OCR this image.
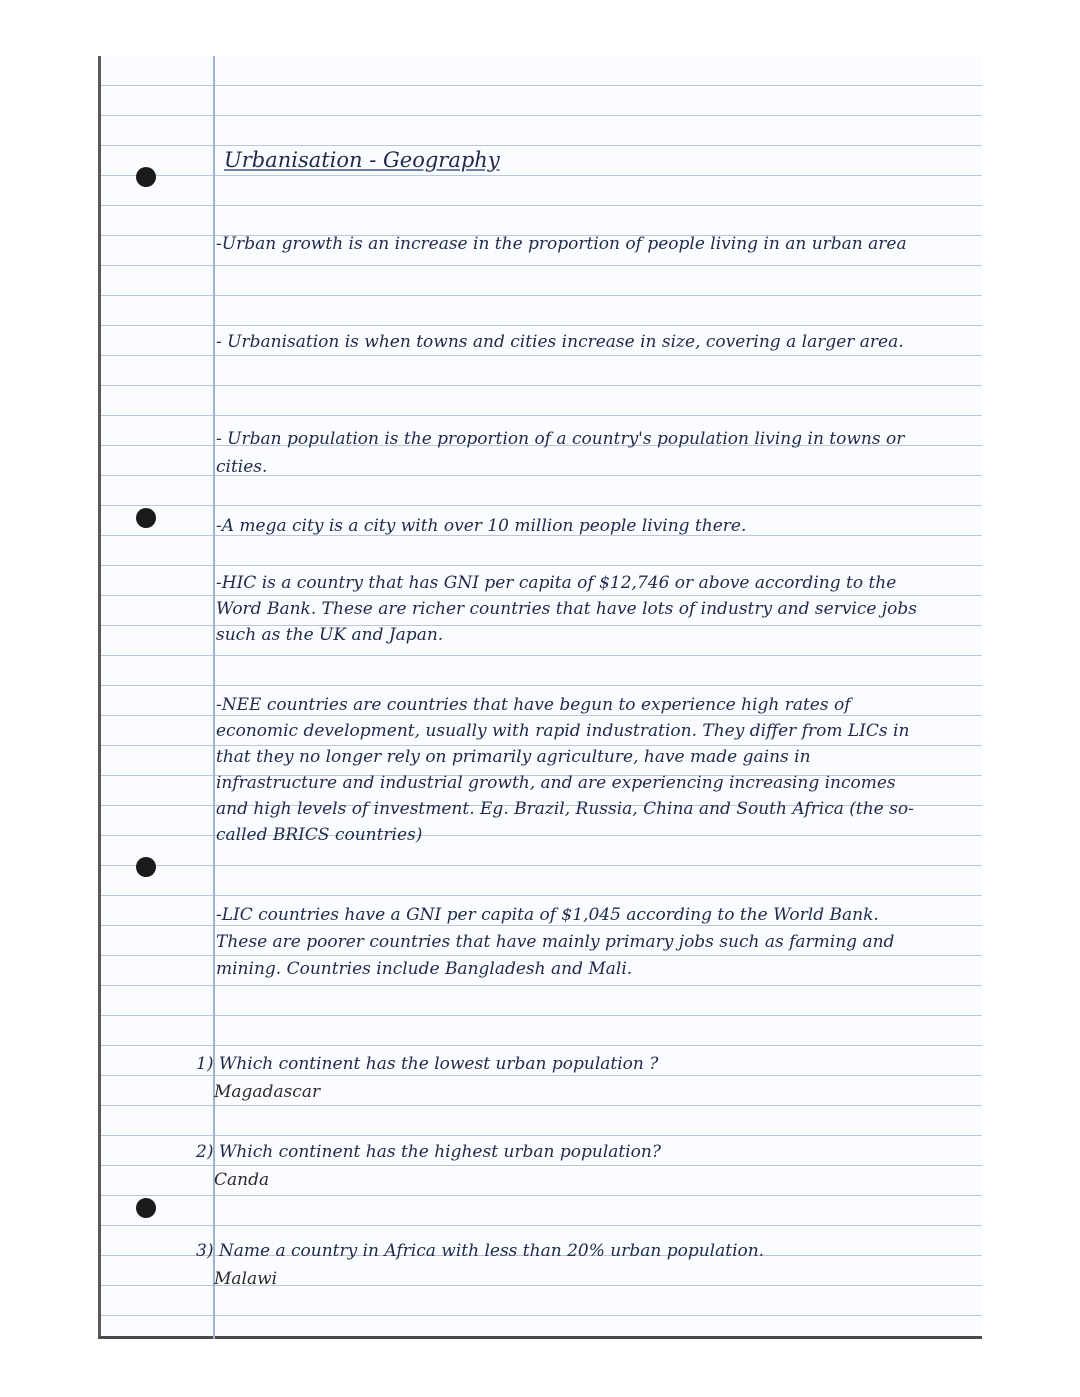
Urbanisation - Geography
-Urban growth is an increase in the proportion of people living in an urban area
- Urbanisation is when towns and cities increase in size, covering a larger area.
- Urban population is the proportion of a country's population living in towns or cities.
-A mega city is a city with over 10 million people living there.
-HIC is a country that has GNI per capita of $12,746 or above according to the Word Bank. These are richer countries that have lots of industry and service jobs such as the UK and Japan.
-NEE countries are countries that have begun to experience high rates of economic development, usually with rapid industration. They differ from LICs in that they no longer rely on primarily agriculture, have made gains in infrastructure and industrial growth, and are experiencing increasing incomes and high levels of investment. Eg. Brazil, Russia, China and South Africa (the so-called BRICS countries)
-LIC countries have a GNI per capita of $1,045 according to the World Bank. These are poorer countries that have mainly primary jobs such as farming and mining. Countries include Bangladesh and Mali.
1) Which continent has the lowest urban population ?
Magadascar
2) Which continent has the highest urban population?
Canda
3) Name a country in Africa with less than 20% urban population.
Malawi
